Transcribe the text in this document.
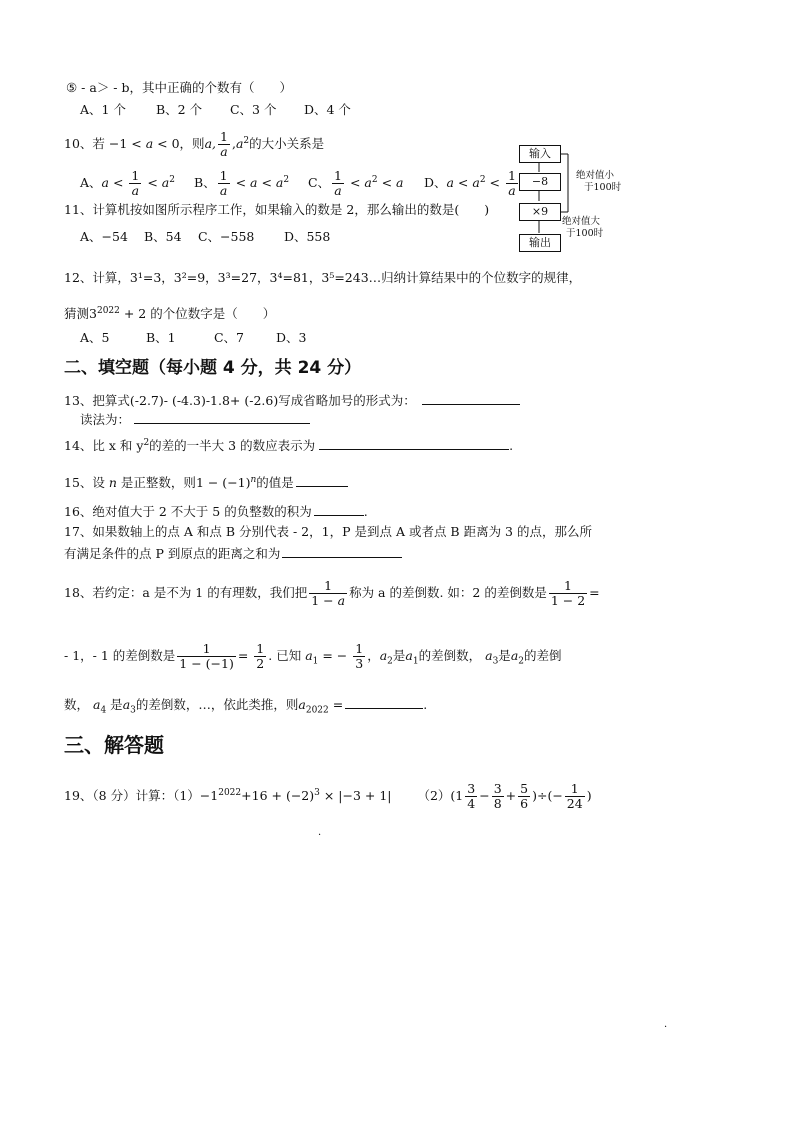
⑤ - a＞ - b，其中正确的个数有（　　）
A、1 个 B、2 个 C、3 个 D、4 个
10、若 −1 < a < 0，则a, $\frac{1}{a} ,a^2$的大小关系是
A、$a < \frac{1}{a} < a^2$ B、 $\frac{1}{a} < a < a^2$ C、 $\frac{1}{a} < a^2 < a$ D、$a < a^2 < \frac{1}{a}$
11、计算机按如图所示程序工作，如果输入的数是 2，那么输出的数是(　　)
A、−54 B、54 C、−558 D、558
输入
−8
×9
输出
绝对值小
于100时
绝对值大
于100时
12、计算，3¹=3，3²=9，3³=27，3⁴=81，3⁵=243…归纳计算结果中的个位数字的规律，
猜测$3^{2022} + 2$ 的个位数字是（　　）
A、5	B、1	C、7	D、3
二、填空题（每小题 4 分，共 24 分）
13、把算式(-2.7)- (-4.3)-1.8+ (-2.6)写成省略加号的形式为：
读法为：
14、比 x 和 $y^2$的差的一半大 3 的数应表示为	.
15、设 n 是正整数，则$1 - (-1)^n$的值是
16、绝对值大于 2 不大于 5 的负整数的积为	.
17、如果数轴上的点 A 和点 B 分别代表 - 2，1，P 是到点 A 或者点 B 距离为 3 的点，那么所
有满足条件的点 P 到原点的距离之和为
18、若约定：a 是不为 1 的有理数，我们把 $\frac{1}{1 - a}$ 称为 a 的差倒数. 如：2 的差倒数是 $\frac{1}{1 - 2}$ =
- 1，- 1 的差倒数是 $\frac{1}{1 - (-1)} = \frac{1}{2}$ . 已知 $a_1$ = − $\frac{1}{3}$ ，$a_2$是$a_1$的差倒数， $a_3$是$a_2$的差倒
数， $a_4$ 是$a_3$的差倒数，…，依此类推，则$a_{2022}$ =	.
三、解答题
19、（8 分）计算：$(1)-1^{2022}+16 + (-2)^3 \times |-3 + 1|$  $(2)(1 \frac{3}{4} - \frac{3}{8} + \frac{5}{6}$ )÷(− $\frac{1}{24}$ )
·
·
